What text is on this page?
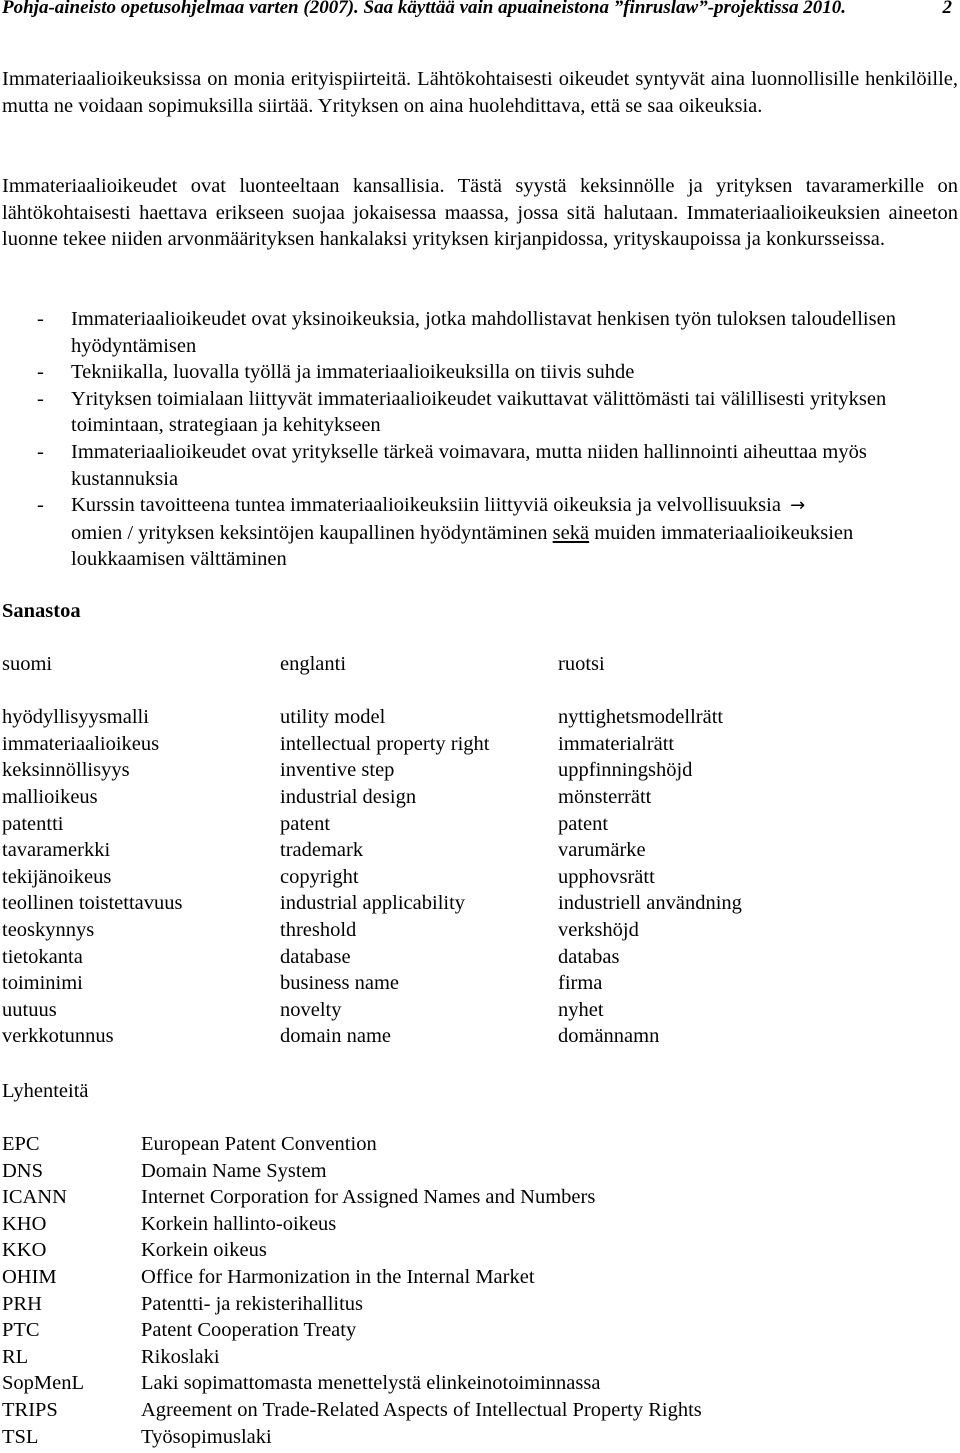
Pohja-aineisto opetusohjelmaa varten (2007). Saa käyttää vain apuaineistona ”finruslaw”-projektissa 2010.	2

Immateriaalioikeuksissa on monia erityispiirteitä. Lähtökohtaisesti oikeudet syntyvät aina luonnollisille henkilöille, mutta ne voidaan sopimuksilla siirtää. Yrityksen on aina huolehdittava, että se saa oikeuksia.

Immateriaalioikeudet ovat luonteeltaan kansallisia. Tästä syystä keksinnölle ja yrityksen tavaramerkille on lähtökohtaisesti haettava erikseen suojaa jokaisessa maassa, jossa sitä halutaan. Immateriaalioikeuksien aineeton luonne tekee niiden arvonmäärityksen hankalaksi yrityksen kirjanpidossa, yrityskaupoissa ja konkursseissa.

- Immateriaalioikeudet ovat yksinoikeuksia, jotka mahdollistavat henkisen työn tuloksen taloudellisen hyödyntämisen
- Tekniikalla, luovalla työllä ja immateriaalioikeuksilla on tiivis suhde
- Yrityksen toimialaan liittyvät immateriaalioikeudet vaikuttavat välittömästi tai välillisesti yrityksen toimintaan, strategiaan ja kehitykseen
- Immateriaalioikeudet ovat yritykselle tärkeä voimavara, mutta niiden hallinnointi aiheuttaa myös kustannuksia
- Kurssin tavoitteena tuntea immateriaalioikeuksiin liittyviä oikeuksia ja velvollisuuksia →
omien / yrityksen keksintöjen kaupallinen hyödyntäminen sekä muiden immateriaalioikeuksien loukkaamisen välttäminen
Sanastoa
suomi	englanti	ruotsi
hyödyllisyysmalli	utility model	nyttighetsmodellrätt
immateriaalioikeus	intellectual property right	immaterialrätt
keksinnöllisyys	inventive step	uppfinningshöjd
mallioikeus	industrial design	mönsterrätt
patentti	patent	patent
tavaramerkki	trademark	varumärke
tekijänoikeus	copyright	upphovsrätt
teollinen toistettavuus	industrial applicability	industriell användning
teoskynnys	threshold	verkshöjd
tietokanta	database	databas
toiminimi	business name	firma
uutuus	novelty	nyhet
verkkotunnus	domain name	domännamn
Lyhenteitä
EPC	European Patent Convention
DNS	Domain Name System
ICANN	Internet Corporation for Assigned Names and Numbers
KHO	Korkein hallinto-oikeus
KKO	Korkein oikeus
OHIM	Office for Harmonization in the Internal Market
PRH	Patentti- ja rekisterihallitus
PTC	Patent Cooperation Treaty
RL	Rikoslaki
SopMenL	Laki sopimattomasta menettelystä elinkeinotoiminnassa
TRIPS	Agreement on Trade-Related Aspects of Intellectual Property Rights
TSL	Työsopimuslaki
